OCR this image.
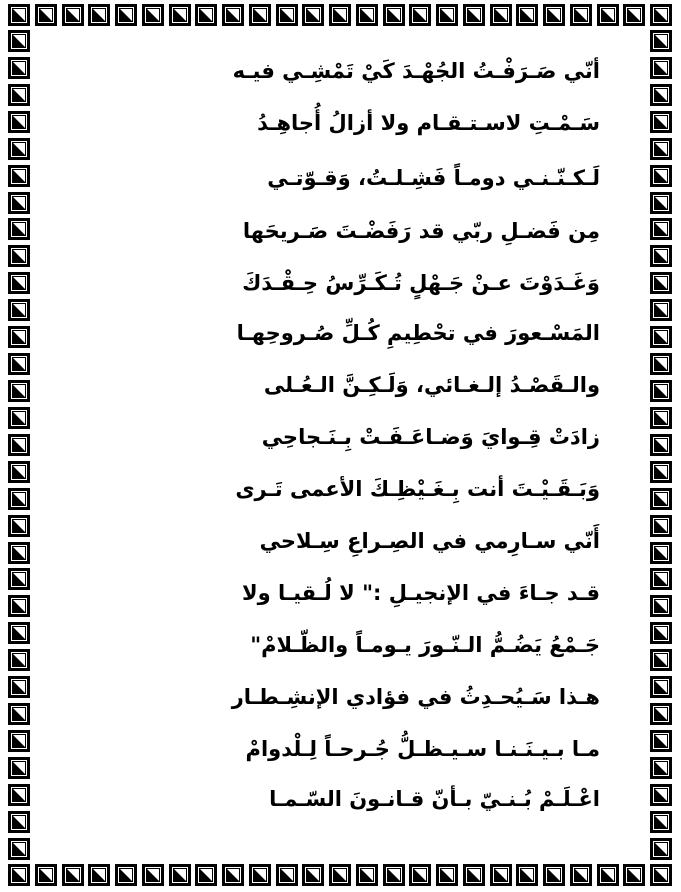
أنّي صَـرَفْـتُ الجُهْـدَ كَيْ تَمْشِـي فيـه
سَـمْـتِ لاسـتـقـام ولا أزالُ أُجاهِـدُ
لَـكـنّـنـي دومـاً فَشِـلـتُ، وَقـوّتـي
مِن فَضـلِ ربّي قد رَفَضْـتَ صَـريحَها
وَغَـدَوْتَ عـنْ جَـهْلٍ تُـكَـرِّسُ حِـقْـدَكَ
المَسْـعورَ في تحْطِيمِ كُـلِّ صُـروحِهـا
والـقَصْـدُ إلـغـائي، وَلَـكِـنَّ الـعُـلى
زادَتْ قِـوايَ وَضـاعَـفَـتْ بِـنَـجاحِي
وَبَـقَـيْـتَ أنت بِـغَـيْظِـكَ الأعمى تَـرى
أَنّي سـارِمي في الصِـراعِ سِـلاحي
قـد جـاءَ في الإنجيـلِ :" لا لُـقيـا ولا
جَـمْعُ يَضُـمُّ الـنّـورَ يـومـاً والظّـلامْ"
هـذا سَـيُحـدِثُ في فؤادي الإنشِـطـار
مـا بـيـنَـنـا سـيـظـلُّ جُـرحـاً لِـلْدوامْ
اعْـلَـمْ بُـنـيّ بـأنّ قـانـونَ السّـمـا
